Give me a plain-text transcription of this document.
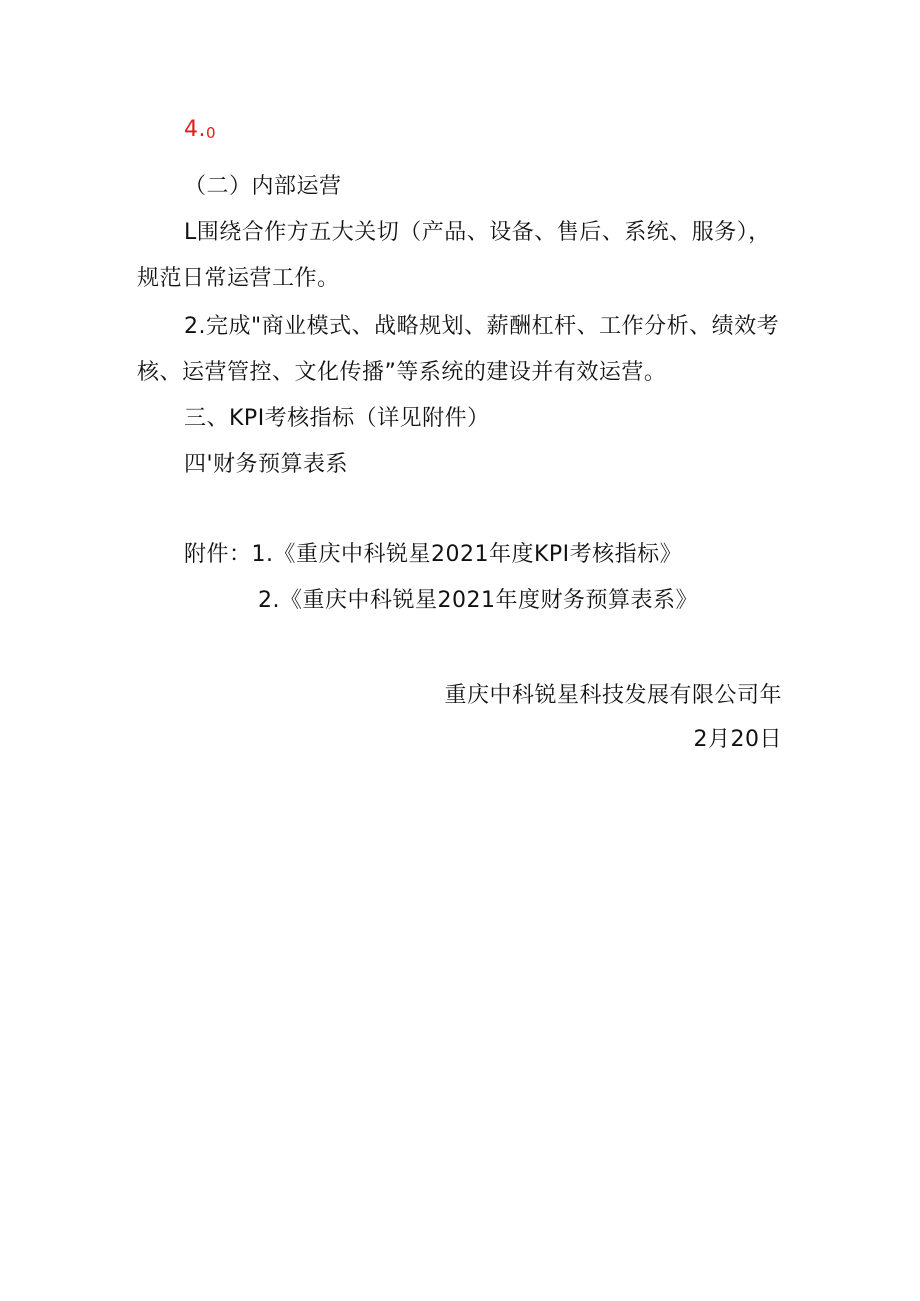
4.0
（二）内部运营
L围绕合作方五大关切（产品、设备、售后、系统、服务），
规范日常运营工作。
2.完成"商业模式、战略规划、薪酬杠杆、工作分析、绩效考
核、运营管控、文化传播”等系统的建设并有效运营。
三、KPI考核指标（详见附件）
四'财务预算表系
附件：1.《重庆中科锐星2021年度KPI考核指标》
2.《重庆中科锐星2021年度财务预算表系》
重庆中科锐星科技发展有限公司年
2月20日
